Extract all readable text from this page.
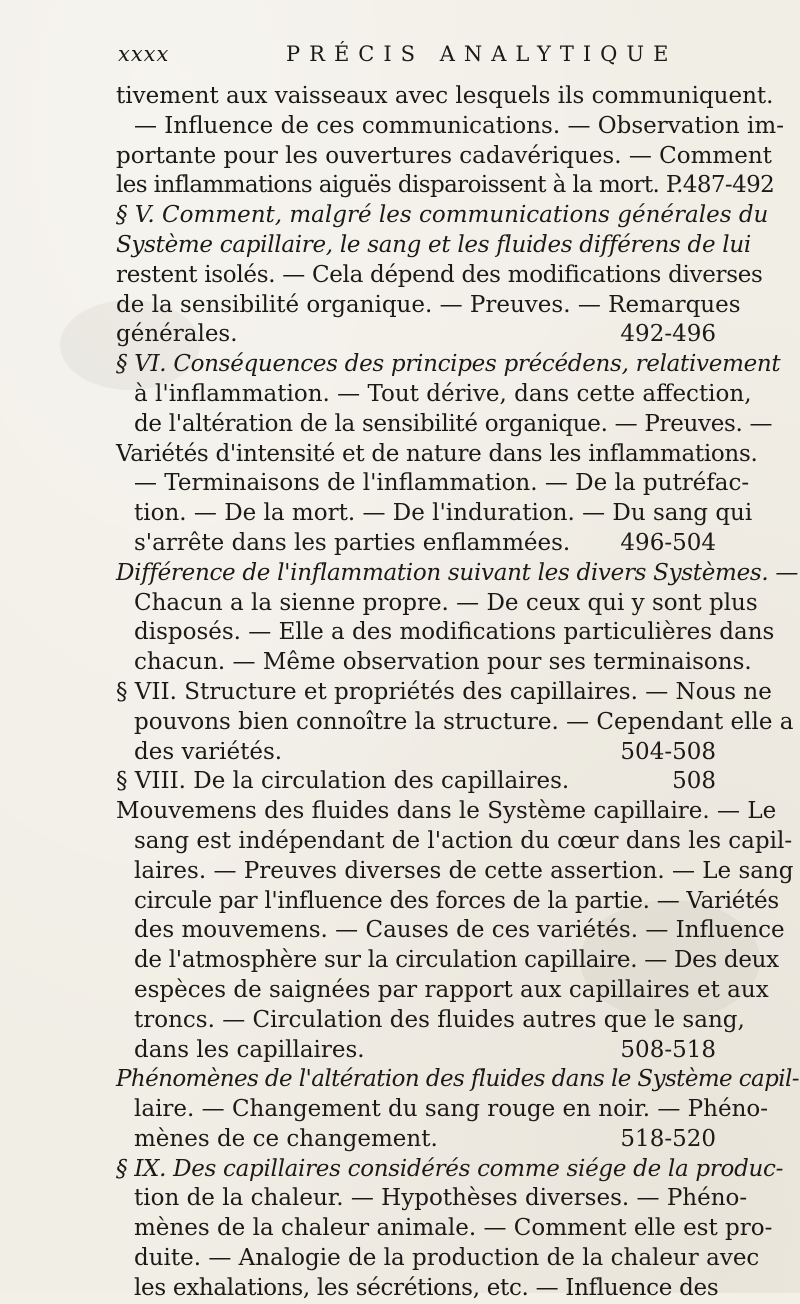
xxxx	PRÉCIS ANALYTIQUE
tivement aux vaisseaux avec lesquels ils communiquent.
— Influence de ces communications. — Observation im-
portante pour les ouvertures cadavériques. — Comment
les inflammations aiguës disparoissent à la mort. P.487-492
§ V. Comment, malgré les communications générales du
Système capillaire, le sang et les fluides différens de lui
restent isolés. — Cela dépend des modifications diverses
de la sensibilité organique. — Preuves. — Remarques
générales.	492-496
§ VI. Conséquences des principes précédens, relativement
à l'inflammation. — Tout dérive, dans cette affection,
de l'altération de la sensibilité organique. — Preuves. —
Variétés d'intensité et de nature dans les inflammations.
— Terminaisons de l'inflammation. — De la putréfac-
tion. — De la mort. — De l'induration. — Du sang qui
s'arrête dans les parties enflammées. 496-504
Différence de l'inflammation suivant les divers Systèmes. —
Chacun a la sienne propre. — De ceux qui y sont plus
disposés. — Elle a des modifications particulières dans
chacun. — Même observation pour ses terminaisons.
§ VII. Structure et propriétés des capillaires. — Nous ne
pouvons bien connoître la structure. — Cependant elle a
des variétés.	504-508
§ VIII. De la circulation des capillaires.	508
Mouvemens des fluides dans le Système capillaire. — Le
sang est indépendant de l'action du cœur dans les capil-
laires. — Preuves diverses de cette assertion. — Le sang
circule par l'influence des forces de la partie. — Variétés
des mouvemens. — Causes de ces variétés. — Influence
de l'atmosphère sur la circulation capillaire. — Des deux
espèces de saignées par rapport aux capillaires et aux
troncs. — Circulation des fluides autres que le sang,
dans les capillaires.	508-518
Phénomènes de l'altération des fluides dans le Système capil-
laire. — Changement du sang rouge en noir. — Phéno-
mènes de ce changement.	518-520
§ IX. Des capillaires considérés comme siége de la produc-
tion de la chaleur. — Hypothèses diverses. — Phéno-
mènes de la chaleur animale. — Comment elle est pro-
duite. — Analogie de la production de la chaleur avec
les exhalations, les sécrétions, etc. — Influence des
